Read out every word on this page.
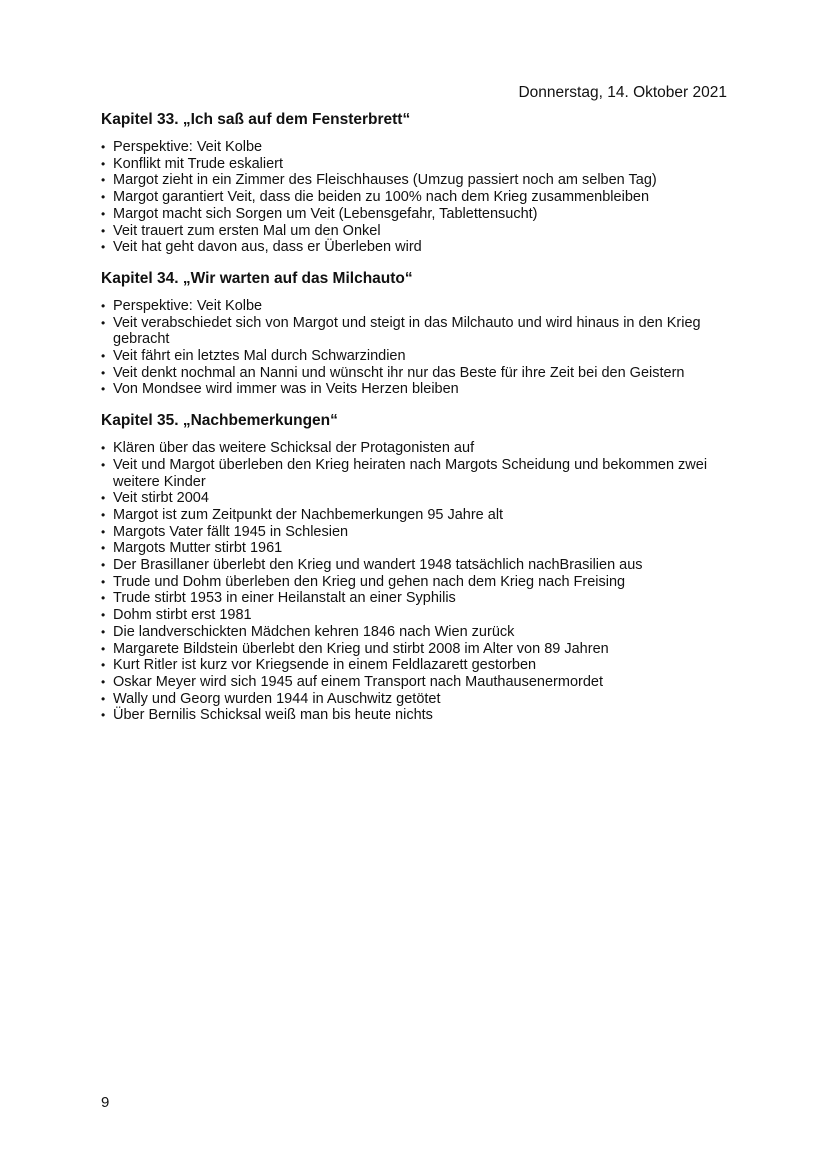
Donnerstag, 14. Oktober 2021
Kapitel 33. „Ich saß auf dem Fensterbrett“
• Perspektive: Veit Kolbe
• Konflikt mit Trude eskaliert
• Margot zieht in ein Zimmer des Fleischhauses (Umzug passiert noch am selben Tag)
• Margot garantiert Veit, dass die beiden zu 100% nach dem Krieg zusammenbleiben
• Margot macht sich Sorgen um Veit (Lebensgefahr, Tablettensucht)
• Veit trauert zum ersten Mal um den Onkel
• Veit hat geht davon aus, dass er Überleben wird
Kapitel 34. „Wir warten auf das Milchauto“
• Perspektive: Veit Kolbe
• Veit verabschiedet sich von Margot und steigt in das Milchauto und wird hinaus in den Krieg gebracht
• Veit fährt ein letztes Mal durch Schwarzindien
• Veit denkt nochmal an Nanni und wünscht ihr nur das Beste für ihre Zeit bei den Geistern
• Von Mondsee wird immer was in Veits Herzen bleiben
Kapitel 35. „Nachbemerkungen“
• Klären über das weitere Schicksal der Protagonisten auf
• Veit und Margot überleben den Krieg heiraten nach Margots Scheidung und bekommen zwei weitere Kinder
• Veit stirbt 2004
• Margot ist zum Zeitpunkt der Nachbemerkungen 95 Jahre alt
• Margots Vater fällt 1945 in Schlesien
• Margots Mutter stirbt 1961
• Der Brasillaner überlebt den Krieg und wandert 1948 tatsächlich nachBrasilien aus
• Trude und Dohm überleben den Krieg und gehen nach dem Krieg nach Freising
• Trude stirbt 1953 in einer Heilanstalt an einer Syphilis
• Dohm stirbt erst 1981
• Die landverschickten Mädchen kehren 1846 nach Wien zurück
• Margarete Bildstein überlebt den Krieg und stirbt 2008 im Alter von 89 Jahren
• Kurt Ritler ist kurz vor Kriegsende in einem Feldlazarett gestorben
• Oskar Meyer wird sich 1945 auf einem Transport nach Mauthausenermordet
• Wally und Georg wurden 1944 in Auschwitz getötet
• Über Bernilis Schicksal weiß man bis heute nichts
9
